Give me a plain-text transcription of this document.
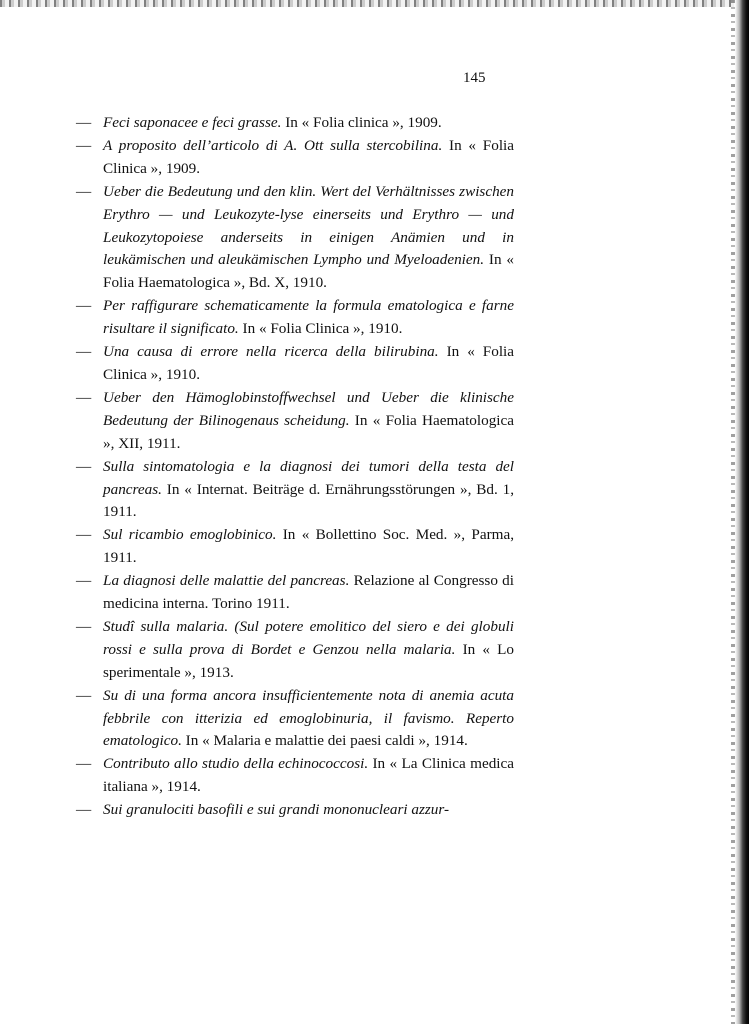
145
— Feci saponacee e feci grasse. In « Folia clinica », 1909.
— A proposito dell’articolo di A. Ott sulla stercobilina. In « Folia Clinica », 1909.
— Ueber die Bedeutung und den klin. Wert del Verhältnisses zwischen Erythro — und Leukozyte-lyse einerseits und Erythro — und Leukozytopoiese anderseits in einigen Anämien und in leukämischen und aleukämischen Lympho und Myeloadenien. In « Folia Haematologica », Bd. X, 1910.
— Per raffigurare schematicamente la formula ematologica e farne risultare il significato. In « Folia Clinica », 1910.
— Una causa di errore nella ricerca della bilirubina. In « Folia Clinica », 1910.
— Ueber den Hämoglobinstoffwechsel und Ueber die klinische Bedeutung der Bilinogenaus scheidung. In « Folia Haematologica », XII, 1911.
— Sulla sintomatologia e la diagnosi dei tumori della testa del pancreas. In « Internat. Beiträge d. Ernährungsstörungen », Bd. 1, 1911.
— Sul ricambio emoglobinico. In « Bollettino Soc. Med. », Parma, 1911.
— La diagnosi delle malattie del pancreas. Relazione al Congresso di medicina interna. Torino 1911.
— Studî sulla malaria. (Sul potere emolitico del siero e dei globuli rossi e sulla prova di Bordet e Genzou nella malaria. In « Lo sperimentale », 1913.
— Su di una forma ancora insufficientemente nota di anemia acuta febbrile con itterizia ed emoglobinuria, il favismo. Reperto ematologico. In « Malaria e malattie dei paesi caldi », 1914.
— Contributo allo studio della echinococcosi. In « La Clinica medica italiana », 1914.
— Sui granulociti basofili e sui grandi mononucleari azzur-
